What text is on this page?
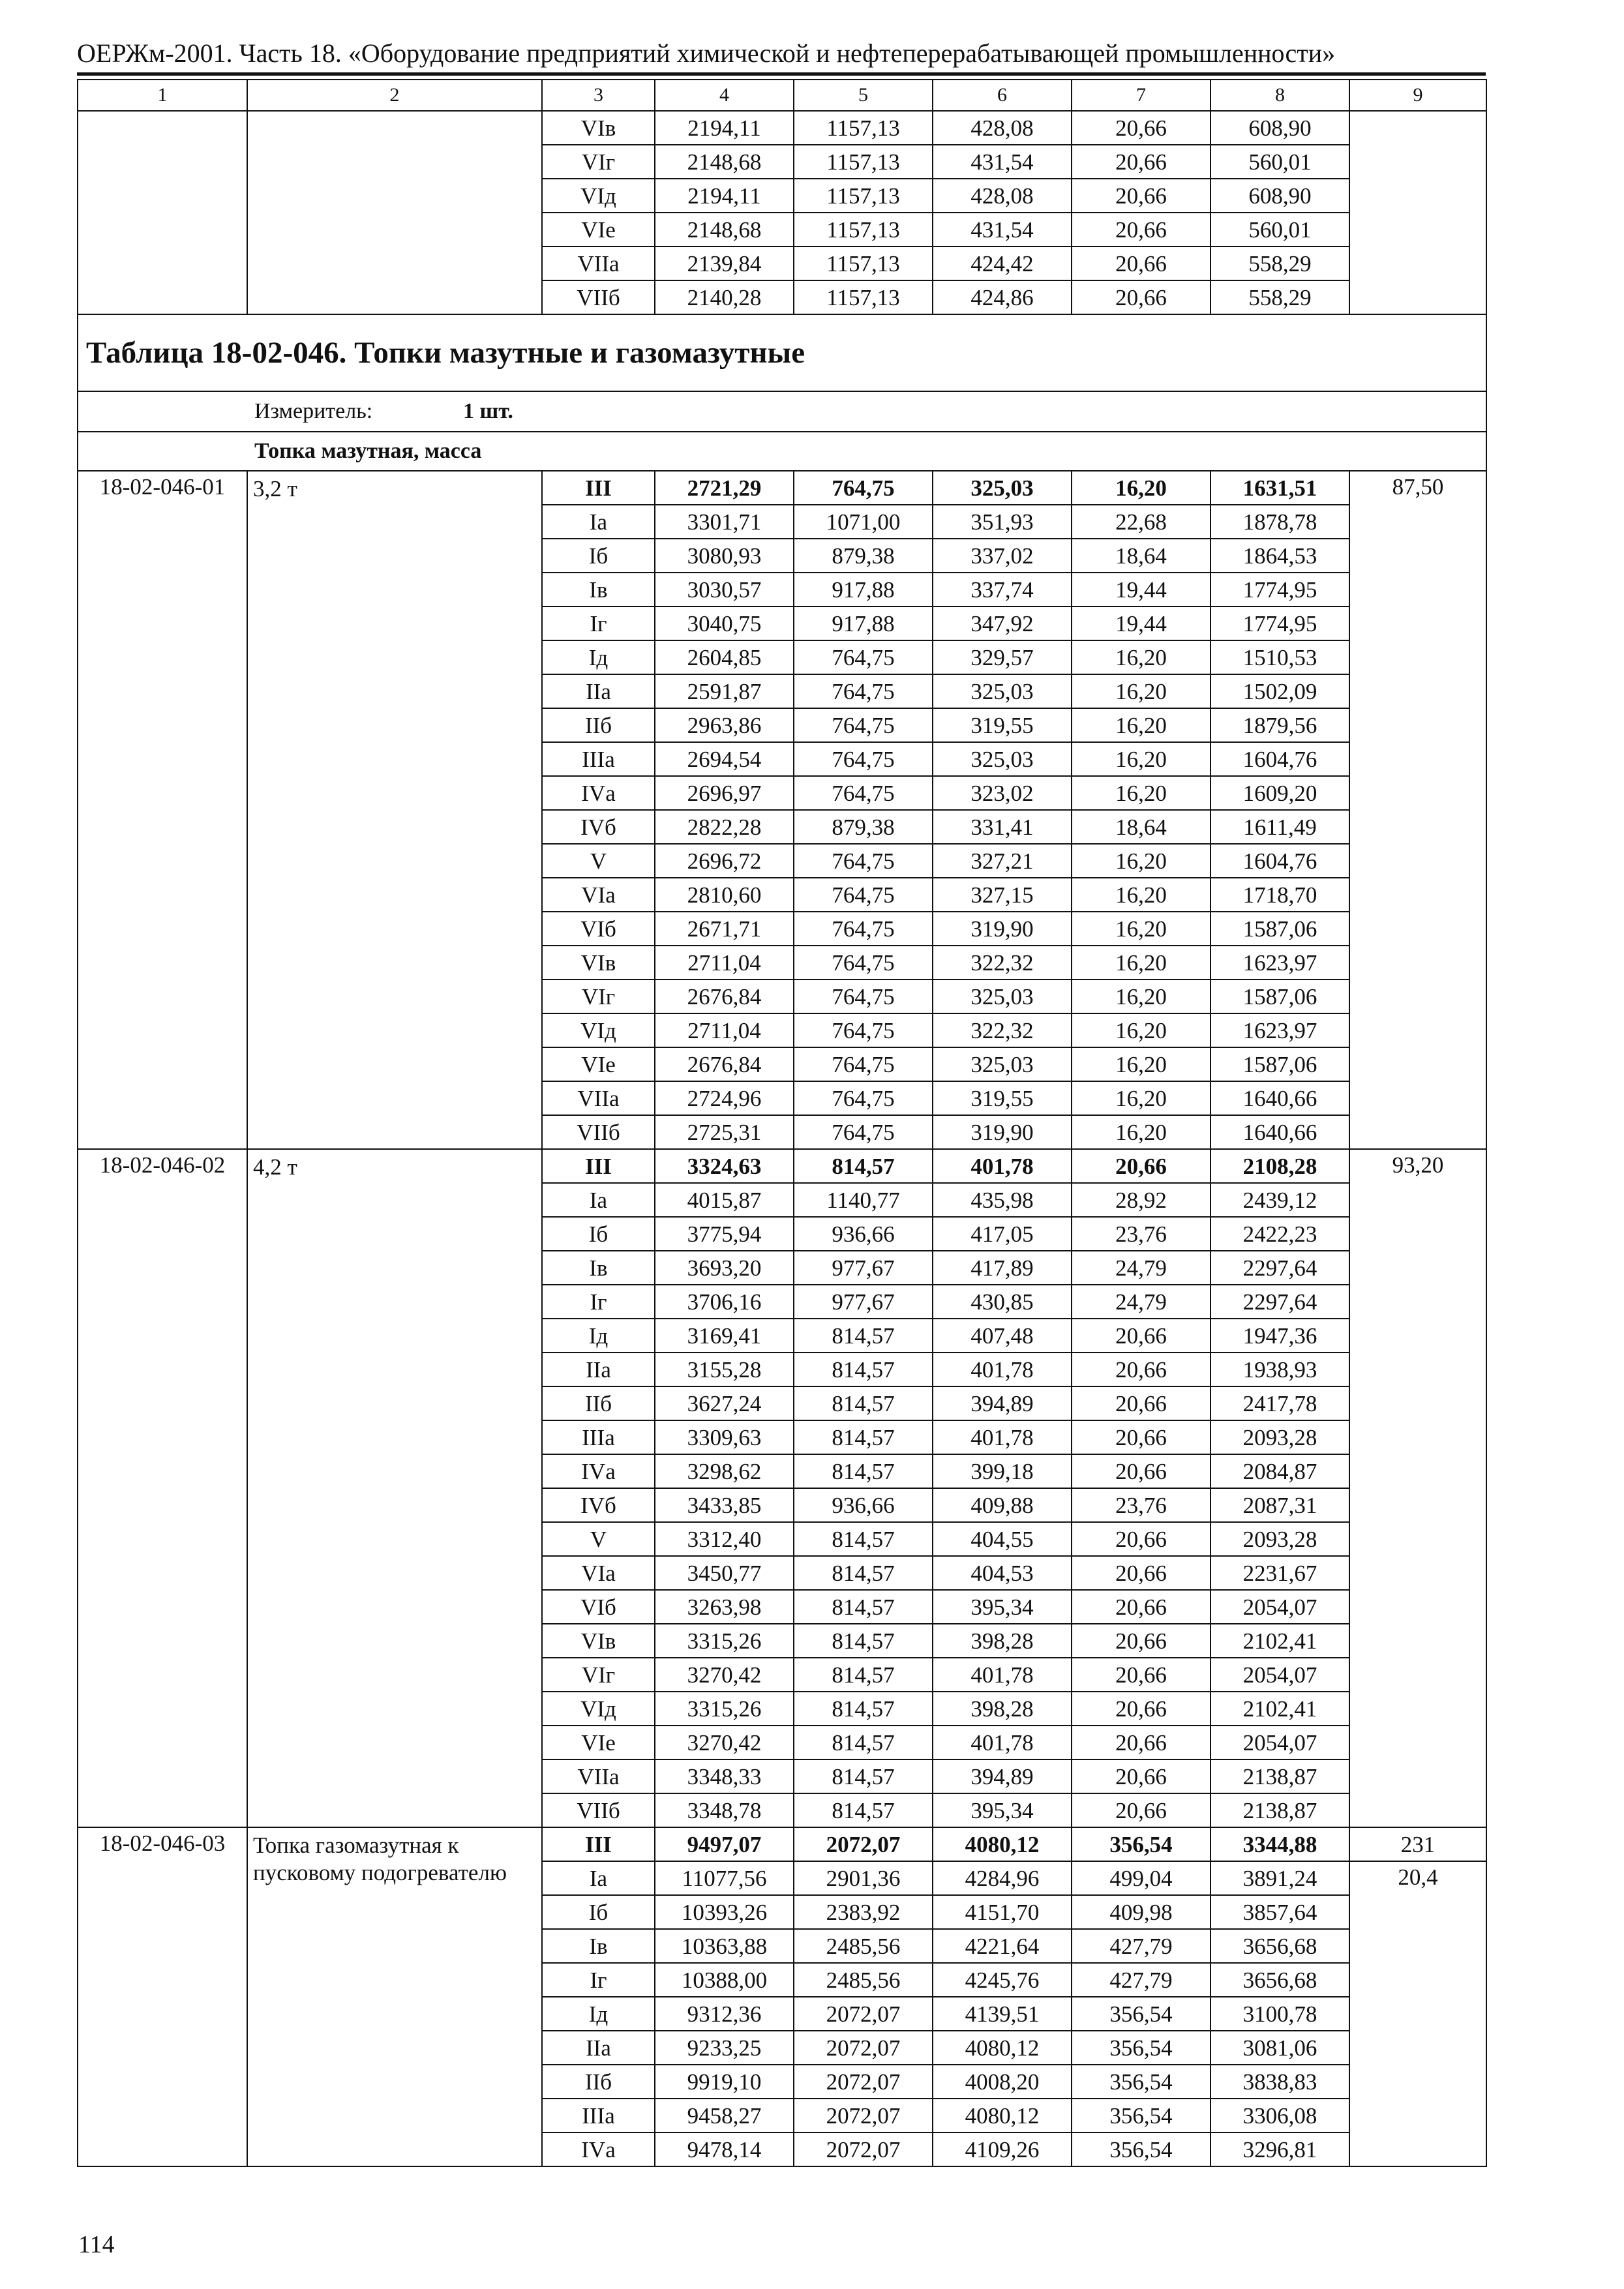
ОЕРЖм-2001. Часть 18. «Оборудование предприятий химической и нефтеперерабатывающей промышленности»
1	2	3	4	5	6	7	8	9
		VIв	2194,11	1157,13	428,08	20,66	608,90	
		VIг	2148,68	1157,13	431,54	20,66	560,01	
		VIд	2194,11	1157,13	428,08	20,66	608,90	
		VIе	2148,68	1157,13	431,54	20,66	560,01	
		VIIа	2139,84	1157,13	424,42	20,66	558,29	
		VIIб	2140,28	1157,13	424,86	20,66	558,29	
Таблица 18-02-046. Топки мазутные и газомазутные								
Измеритель: 1 шт.								
Топка мазутная, масса								
18-02-046-01	3,2 т	III	2721,29	764,75	325,03	16,20	1631,51	87,50
		Iа	3301,71	1071,00	351,93	22,68	1878,78	
		Iб	3080,93	879,38	337,02	18,64	1864,53	
		Iв	3030,57	917,88	337,74	19,44	1774,95	
		Iг	3040,75	917,88	347,92	19,44	1774,95	
		Iд	2604,85	764,75	329,57	16,20	1510,53	
		IIа	2591,87	764,75	325,03	16,20	1502,09	
		IIб	2963,86	764,75	319,55	16,20	1879,56	
		IIIа	2694,54	764,75	325,03	16,20	1604,76	
		IVа	2696,97	764,75	323,02	16,20	1609,20	
		IVб	2822,28	879,38	331,41	18,64	1611,49	
		V	2696,72	764,75	327,21	16,20	1604,76	
		VIа	2810,60	764,75	327,15	16,20	1718,70	
		VIб	2671,71	764,75	319,90	16,20	1587,06	
		VIв	2711,04	764,75	322,32	16,20	1623,97	
		VIг	2676,84	764,75	325,03	16,20	1587,06	
		VIд	2711,04	764,75	322,32	16,20	1623,97	
		VIе	2676,84	764,75	325,03	16,20	1587,06	
		VIIа	2724,96	764,75	319,55	16,20	1640,66	
		VIIб	2725,31	764,75	319,90	16,20	1640,66	
18-02-046-02	4,2 т	III	3324,63	814,57	401,78	20,66	2108,28	93,20
		Iа	4015,87	1140,77	435,98	28,92	2439,12	
		Iб	3775,94	936,66	417,05	23,76	2422,23	
		Iв	3693,20	977,67	417,89	24,79	2297,64	
		Iг	3706,16	977,67	430,85	24,79	2297,64	
		Iд	3169,41	814,57	407,48	20,66	1947,36	
		IIа	3155,28	814,57	401,78	20,66	1938,93	
		IIб	3627,24	814,57	394,89	20,66	2417,78	
		IIIа	3309,63	814,57	401,78	20,66	2093,28	
		IVа	3298,62	814,57	399,18	20,66	2084,87	
		IVб	3433,85	936,66	409,88	23,76	2087,31	
		V	3312,40	814,57	404,55	20,66	2093,28	
		VIа	3450,77	814,57	404,53	20,66	2231,67	
		VIб	3263,98	814,57	395,34	20,66	2054,07	
		VIв	3315,26	814,57	398,28	20,66	2102,41	
		VIг	3270,42	814,57	401,78	20,66	2054,07	
		VIд	3315,26	814,57	398,28	20,66	2102,41	
		VIе	3270,42	814,57	401,78	20,66	2054,07	
		VIIа	3348,33	814,57	394,89	20,66	2138,87	
		VIIб	3348,78	814,57	395,34	20,66	2138,87	
18-02-046-03	Топка газомазутная к пусковому подогревателю	III	9497,07	2072,07	4080,12	356,54	3344,88	231
		Iа	11077,56	2901,36	4284,96	499,04	3891,24	20,4
		Iб	10393,26	2383,92	4151,70	409,98	3857,64	
		Iв	10363,88	2485,56	4221,64	427,79	3656,68	
		Iг	10388,00	2485,56	4245,76	427,79	3656,68	
		Iд	9312,36	2072,07	4139,51	356,54	3100,78	
		IIа	9233,25	2072,07	4080,12	356,54	3081,06	
		IIб	9919,10	2072,07	4008,20	356,54	3838,83	
		IIIа	9458,27	2072,07	4080,12	356,54	3306,08	
		IVа	9478,14	2072,07	4109,26	356,54	3296,81	
114
